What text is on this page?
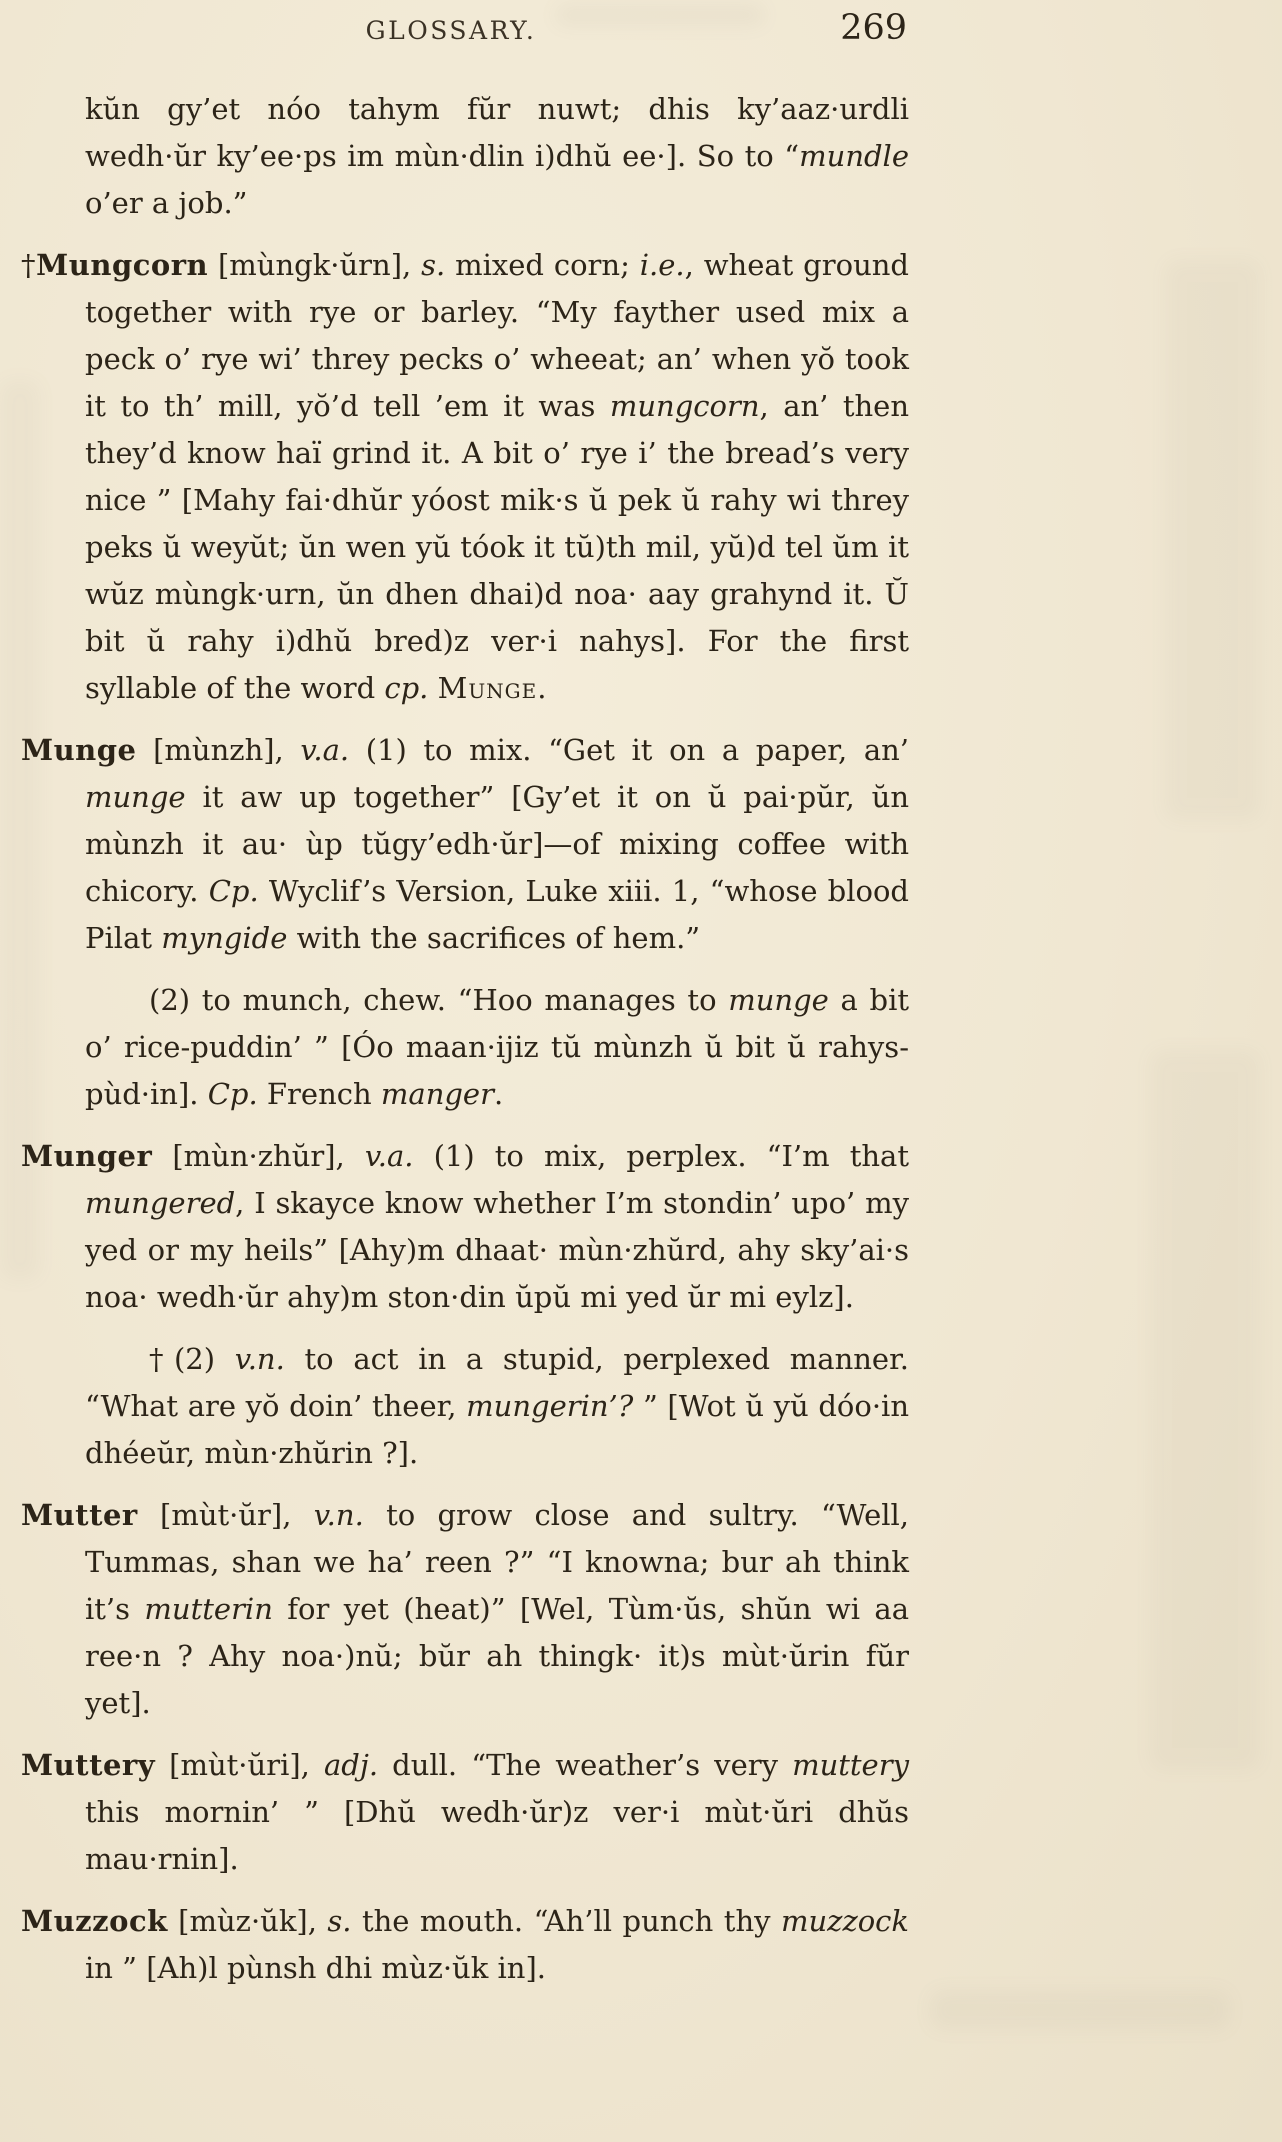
GLOSSARY.	269

kŭn gy’et nóo tahym fŭr nuwt; dhis ky’aaz·urdli wedh·ŭr ky’ee·ps im mùn·dlin i)dhŭ ee·]. So to “mundle o’er a job.”

†Mungcorn [mùngk·ŭrn], s. mixed corn; i.e., wheat ground together with rye or barley. “My fayther used mix a peck o’ rye wi’ threy pecks o’ wheeat; an’ when yŏ took it to th’ mill, yŏ’d tell ’em it was mungcorn, an’ then they’d know haï grind it. A bit o’ rye i’ the bread’s very nice ” [Mahy fai·dhŭr yóost mik·s ŭ pek ŭ rahy wi threy peks ŭ weyŭt; ŭn wen yŭ tóok it tŭ)th mil, yŭ)d tel ŭm it wŭz mùngk·urn, ŭn dhen dhai)d noa· aay grahynd it. Ŭ bit ŭ rahy i)dhŭ bred)z ver·i nahys]. For the first syllable of the word cp. Munge.

Munge [mùnzh], v.a. (1) to mix. “Get it on a paper, an’ munge it aw up together” [Gy’et it on ŭ pai·pŭr, ŭn mùnzh it au· ùp tŭgy’edh·ŭr]—of mixing coffee with chicory. Cp. Wyclif’s Version, Luke xiii. 1, “whose blood Pilat myngide with the sacrifices of hem.”

(2) to munch, chew. “Hoo manages to munge a bit o’ rice-puddin’ ” [Óo maan·ijiz tŭ mùnzh ŭ bit ŭ rahys-pùd·in]. Cp. French manger.

Munger [mùn·zhŭr], v.a. (1) to mix, perplex. “I’m that mungered, I skayce know whether I’m stondin’ upo’ my yed or my heils” [Ahy)m dhaat· mùn·zhŭrd, ahy sky’ai·s noa· wedh·ŭr ahy)m ston·din ŭpŭ mi yed ŭr mi eylz].

†(2) v.n. to act in a stupid, perplexed manner. “What are yŏ doin’ theer, mungerin’? ” [Wot ŭ yŭ dóo·in dhéeŭr, mùn·zhŭrin ?].

Mutter [mùt·ŭr], v.n. to grow close and sultry. “Well, Tummas, shan we ha’ reen ?” “I knowna; bur ah think it’s mutterin for yet (heat)” [Wel, Tùm·ŭs, shŭn wi aa ree·n ? Ahy noa·)nŭ; bŭr ah thingk· it)s mùt·ŭrin fŭr yet].

Muttery [mùt·ŭri], adj. dull. “The weather’s very muttery this mornin’ ” [Dhŭ wedh·ŭr)z ver·i mùt·ŭri dhŭs mau·rnin].

Muzzock [mùz·ŭk], s. the mouth. “Ah’ll punch thy muzzock in ” [Ah)l pùnsh dhi mùz·ŭk in].
